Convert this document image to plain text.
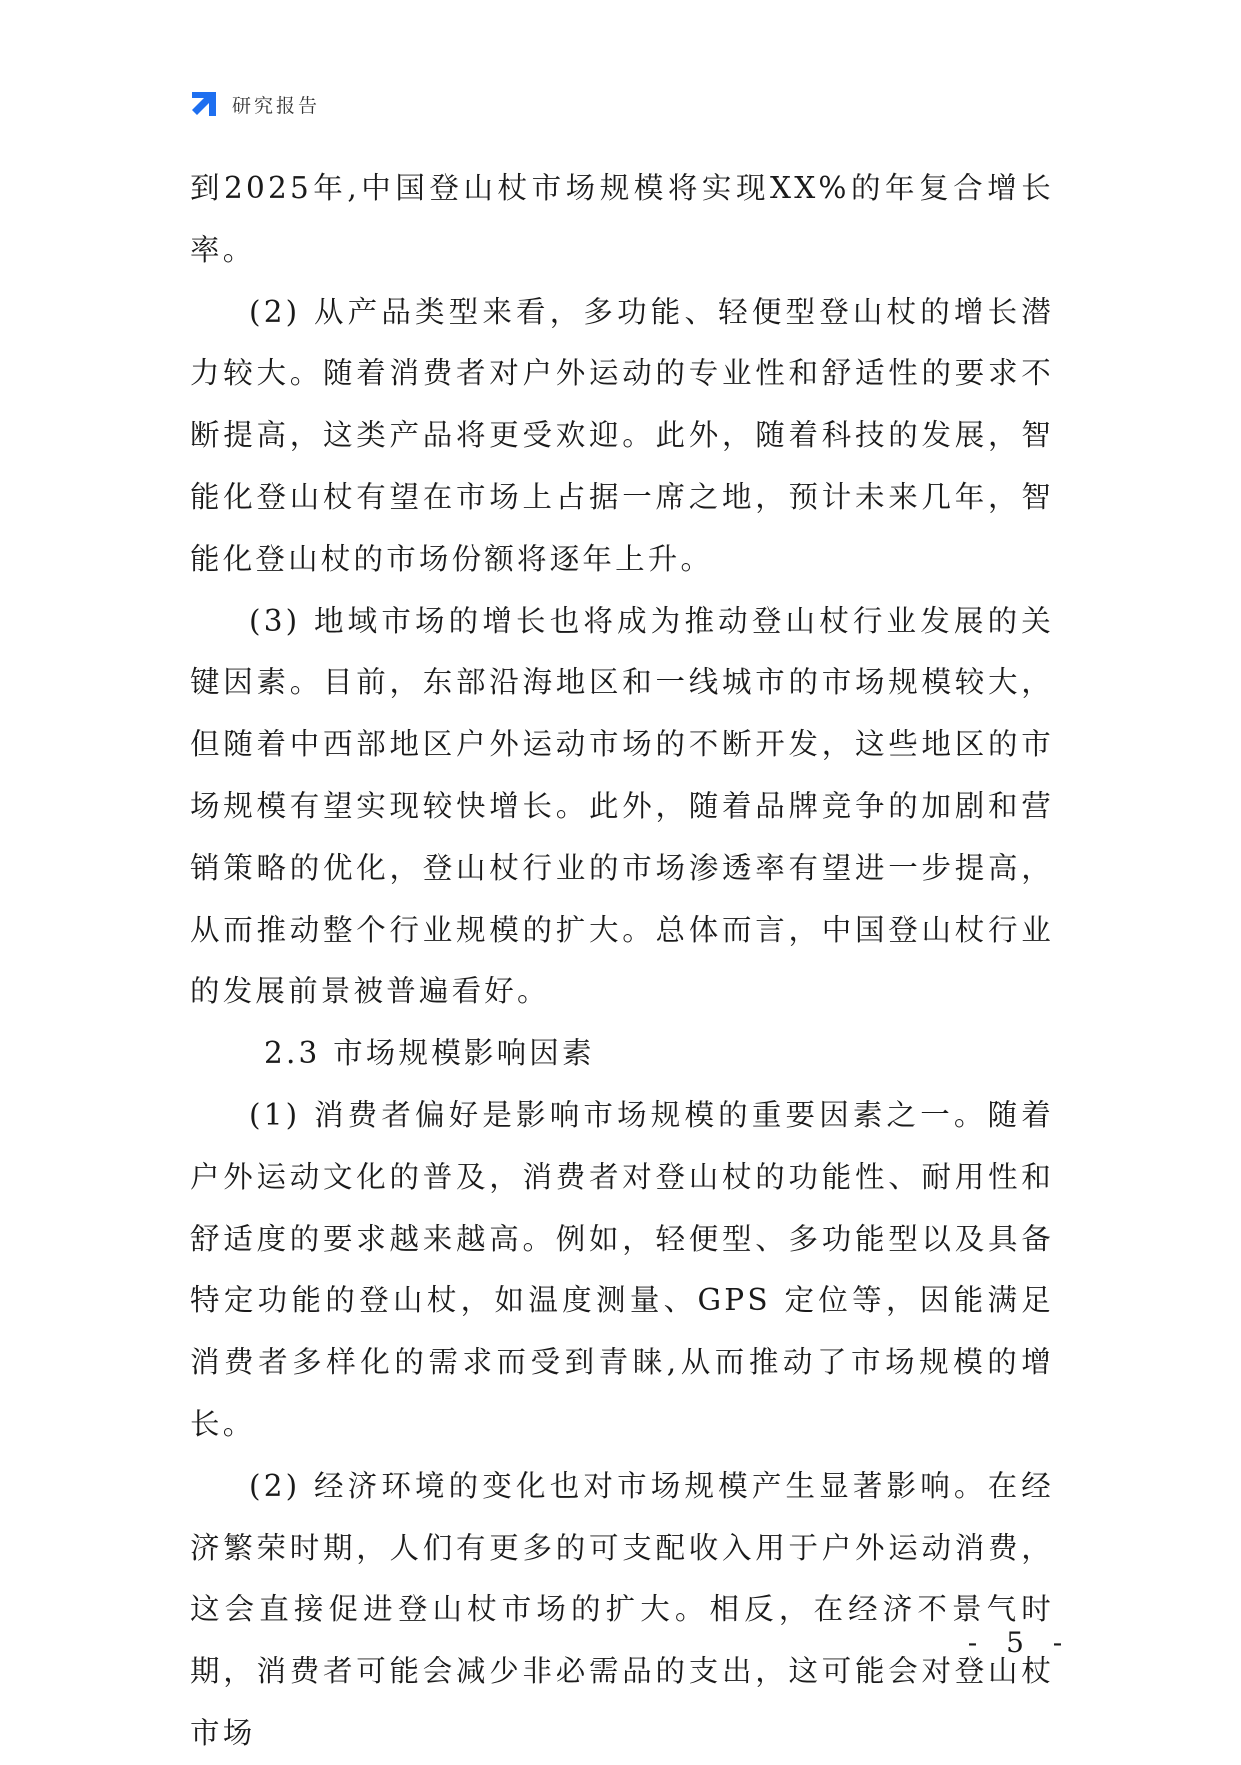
研究报告

到2025年,中国登山杖市场规模将实现XX%的年复合增长率。

(2) 从产品类型来看，多功能、轻便型登山杖的增长潜力较大。随着消费者对户外运动的专业性和舒适性的要求不断提高，这类产品将更受欢迎。此外，随着科技的发展，智能化登山杖有望在市场上占据一席之地，预计未来几年，智能化登山杖的市场份额将逐年上升。

(3) 地域市场的增长也将成为推动登山杖行业发展的关键因素。目前，东部沿海地区和一线城市的市场规模较大，但随着中西部地区户外运动市场的不断开发，这些地区的市场规模有望实现较快增长。此外，随着品牌竞争的加剧和营销策略的优化，登山杖行业的市场渗透率有望进一步提高，从而推动整个行业规模的扩大。总体而言，中国登山杖行业的发展前景被普遍看好。

2.3 市场规模影响因素

(1) 消费者偏好是影响市场规模的重要因素之一。随着户外运动文化的普及，消费者对登山杖的功能性、耐用性和舒适度的要求越来越高。例如，轻便型、多功能型以及具备特定功能的登山杖，如温度测量、GPS 定位等，因能满足消费者多样化的需求而受到青睐,从而推动了市场规模的增长。

(2) 经济环境的变化也对市场规模产生显著影响。在经济繁荣时期，人们有更多的可支配收入用于户外运动消费，这会直接促进登山杖市场的扩大。相反，在经济不景气时期，消费者可能会减少非必需品的支出，这可能会对登山杖市场

- 5 -
